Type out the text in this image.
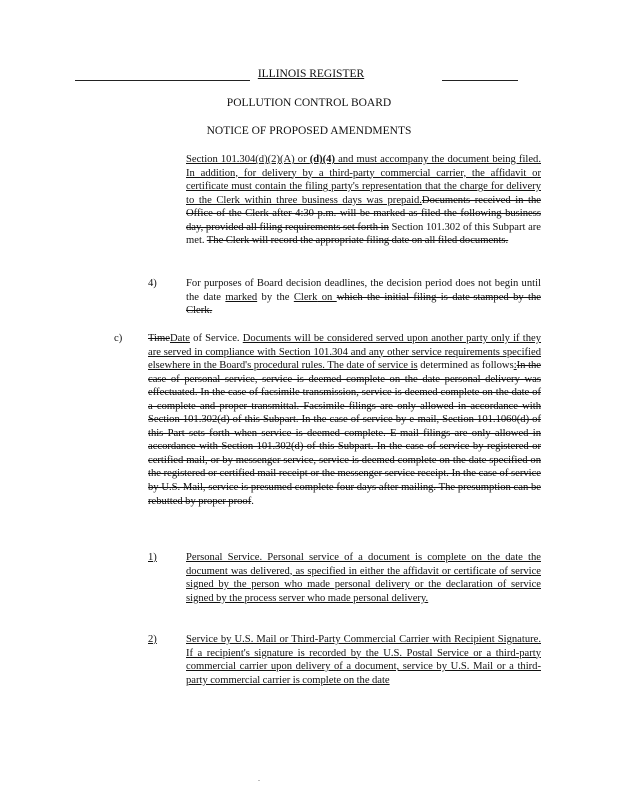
ILLINOIS REGISTER
POLLUTION CONTROL BOARD
NOTICE OF PROPOSED AMENDMENTS
Section 101.304(d)(2)(A) or (d)(4) and must accompany the document being filed. In addition, for delivery by a third-party commercial carrier, the affidavit or certificate must contain the filing party's representation that the charge for delivery to the Clerk within three business days was prepaid.Documents received in the Office of the Clerk after 4:30 p.m. will be marked as filed the following business day, provided all filing requirements set forth in Section 101.302 of this Subpart are met. The Clerk will record the appropriate filing date on all filed documents.
4)	For purposes of Board decision deadlines, the decision period does not begin until the date marked by the Clerk on which the initial filing is date-stamped by the Clerk.
c) TimeDate of Service. Documents will be considered served upon another party only if they are served in compliance with Section 101.304 and any other service requirements specified elsewhere in the Board's procedural rules. The date of service is determined as follows:In the case of personal service, service is deemed complete on the date personal delivery was effectuated. In the case of facsimile transmission, service is deemed complete on the date of a complete and proper transmittal. Facsimile filings are only allowed in accordance with Section 101.302(d) of this Subpart. In the case of service by e-mail, Section 101.1060(d) of this Part sets forth when service is deemed complete. E-mail filings are only allowed in accordance with Section 101.302(d) of this Subpart. In the case of service by registered or certified mail, or by messenger service, service is deemed complete on the date specified on the registered or certified mail receipt or the messenger service receipt. In the case of service by U.S. Mail, service is presumed complete four days after mailing. The presumption can be rebutted by proper proof.
1)	Personal Service. Personal service of a document is complete on the date the document was delivered, as specified in either the affidavit or certificate of service signed by the person who made personal delivery or the declaration of service signed by the process server who made personal delivery.
2)	Service by U.S. Mail or Third-Party Commercial Carrier with Recipient Signature. If a recipient's signature is recorded by the U.S. Postal Service or a third-party commercial carrier upon delivery of a document, service by U.S. Mail or a third-party commercial carrier is complete on the date
.
